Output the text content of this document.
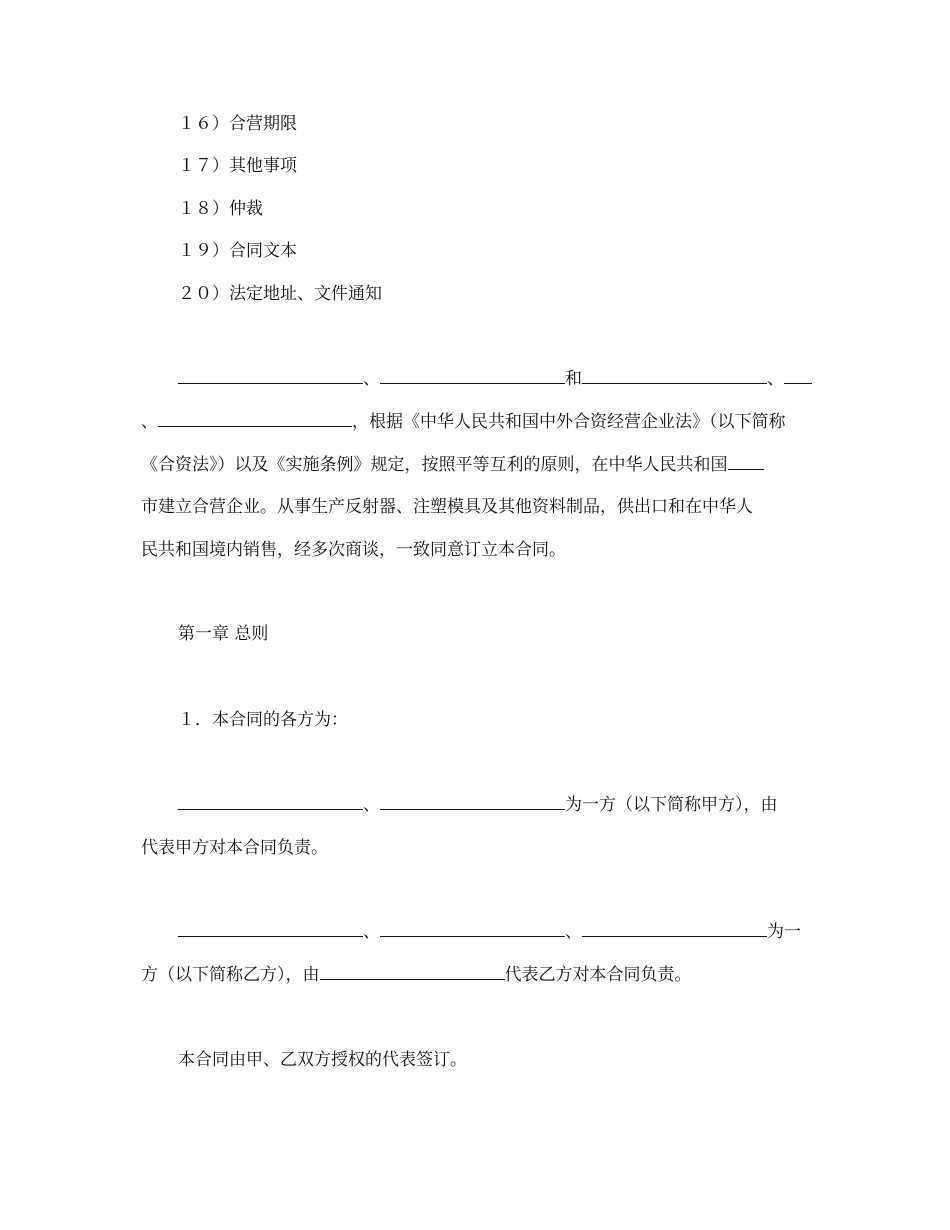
１６）合营期限
１７）其他事项
１８）仲裁
１９）合同文本
２０）法定地址、文件通知
、	和	、
、	，根据《中华人民共和国中外合资经营企业法》（以下简称
《合资法》）以及《实施条例》规定，按照平等互利的原则，在中华人民共和国
市建立合营企业。从事生产反射器、注塑模具及其他资料制品，供出口和在中华人
民共和国境内销售，经多次商谈，一致同意订立本合同。
第一章 总则
１．本合同的各方为：
、	为一方（以下简称甲方），由
代表甲方对本合同负责。
、	、	为一
方（以下简称乙方），由	代表乙方对本合同负责。
本合同由甲、乙双方授权的代表签订。
